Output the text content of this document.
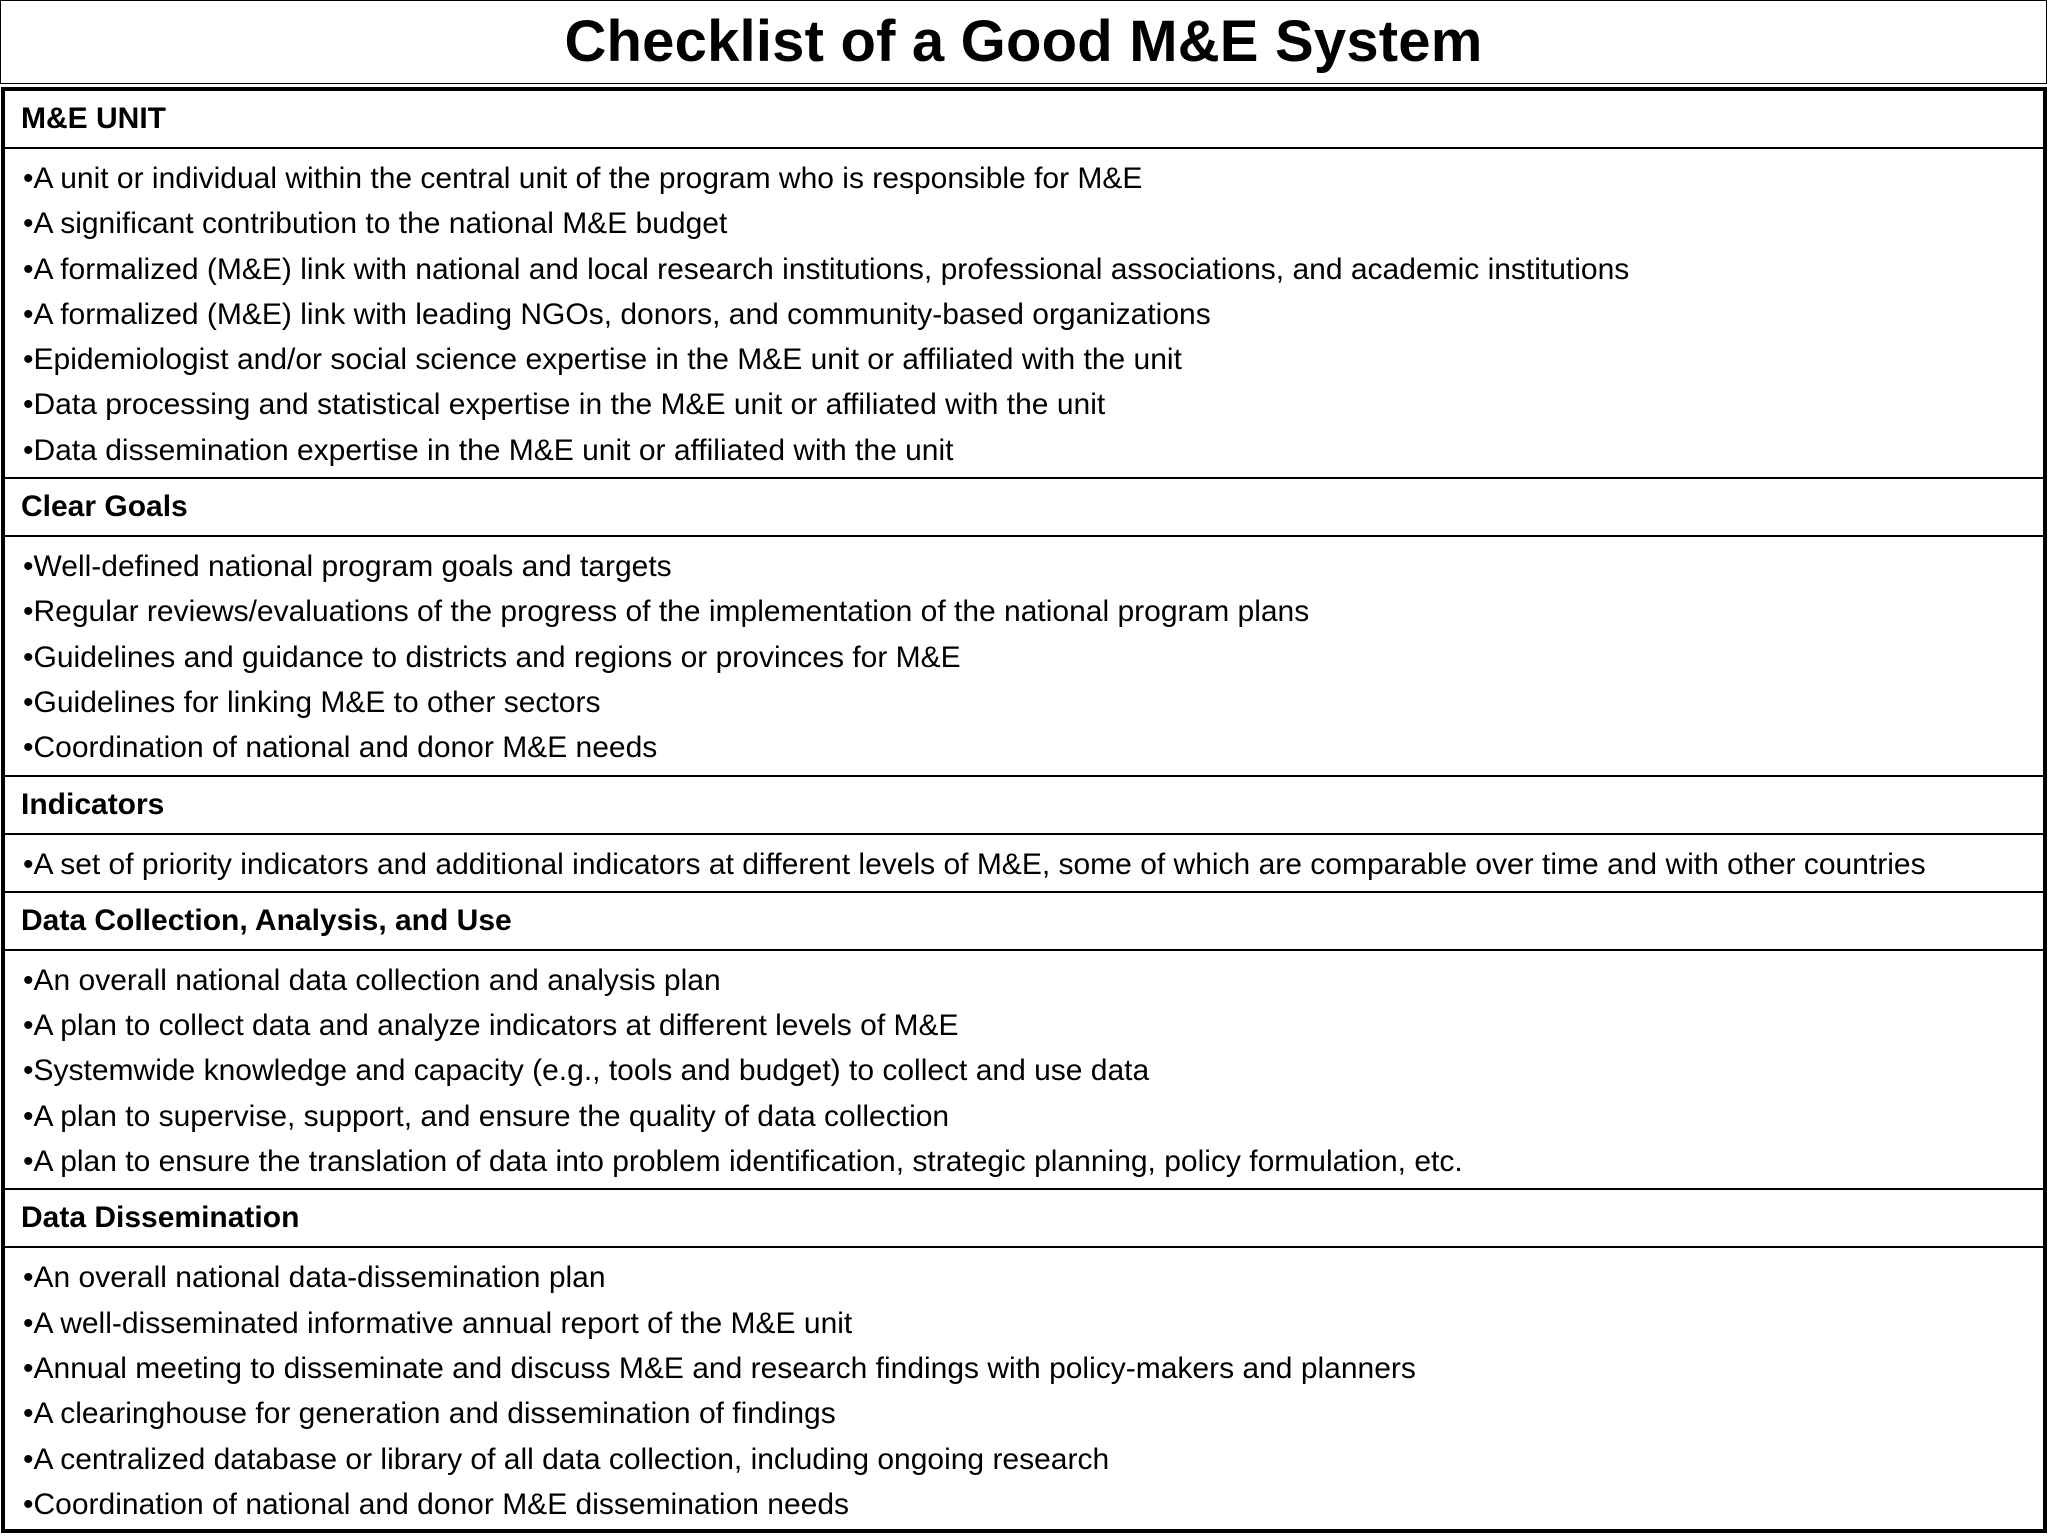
Checklist of a Good M&E System
M&E UNIT
•A unit or individual within the central unit of the program who is responsible for M&E
•A significant contribution to the national M&E budget
•A formalized (M&E) link with national and local research institutions, professional associations, and academic institutions
•A formalized (M&E) link with leading NGOs, donors, and community-based organizations
•Epidemiologist and/or social science expertise in the M&E unit or affiliated with the unit
•Data processing and statistical expertise in the M&E unit or affiliated with the unit
•Data dissemination expertise in the M&E unit or affiliated with the unit
Clear Goals
•Well-defined national program goals and targets
•Regular reviews/evaluations of the progress of the implementation of the national program plans
•Guidelines and guidance to districts and regions or provinces for M&E
•Guidelines for linking M&E to other sectors
•Coordination of national and donor M&E needs
Indicators
•A set of priority indicators and additional indicators at different levels of M&E, some of which are comparable over time and with other countries
Data Collection, Analysis, and Use
•An overall national data collection and analysis plan
•A plan to collect data and analyze indicators at different levels of M&E
•Systemwide knowledge and capacity (e.g., tools and budget) to collect and use data
•A plan to supervise, support, and ensure the quality of data collection
•A plan to ensure the translation of data into problem identification, strategic planning, policy formulation, etc.
Data Dissemination
•An overall national data-dissemination plan
•A well-disseminated informative annual report of the M&E unit
•Annual meeting to disseminate and discuss M&E and research findings with policy-makers and planners
•A clearinghouse for generation and dissemination of findings
•A centralized database or library of all data collection, including ongoing research
•Coordination of national and donor M&E dissemination needs
